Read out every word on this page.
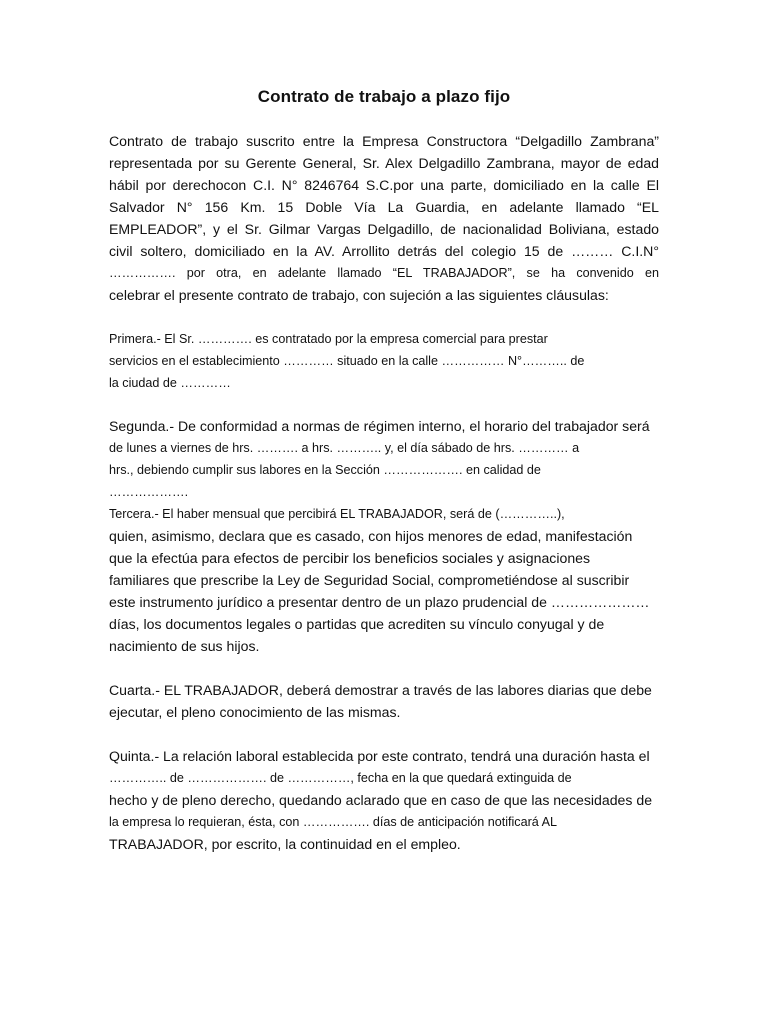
Contrato de trabajo a plazo fijo
Contrato de trabajo suscrito entre la Empresa Constructora “Delgadillo Zambrana”
representada por su Gerente General, Sr. Alex Delgadillo Zambrana, mayor de edad
hábil por derechocon C.I. N° 8246764 S.C.por una parte, domiciliado en la calle El
Salvador N° 156 Km. 15 Doble Vía La Guardia, en adelante llamado “EL
EMPLEADOR”, y el Sr. Gilmar Vargas Delgadillo, de nacionalidad Boliviana, estado
civil soltero, domiciliado en la AV. Arrollito detrás del colegio 15 de ……… C.I.N°
……………. por otra, en adelante llamado “EL TRABAJADOR”, se ha convenido en
celebrar el presente contrato de trabajo, con sujeción a las siguientes cláusulas:
Primera.- El Sr. …………. es contratado por la empresa comercial para prestar
servicios en el establecimiento ………… situado en la calle …………… N°……….. de
la ciudad de …………
Segunda.- De conformidad a normas de régimen interno, el horario del trabajador será
de lunes a viernes de hrs. ………. a hrs. ……….. y, el día sábado de hrs. ………… a
hrs., debiendo cumplir sus labores en la Sección ………………. en calidad de
……………….
Tercera.- El haber mensual que percibirá EL TRABAJADOR, será de (…………..),
quien, asimismo, declara que es casado, con hijos menores de edad, manifestación
que la efectúa para efectos de percibir los beneficios sociales y asignaciones
familiares que prescribe la Ley de Seguridad Social, comprometiéndose al suscribir
este instrumento jurídico a presentar dentro de un plazo prudencial de …………………
días, los documentos legales o partidas que acrediten su vínculo conyugal y de
nacimiento de sus hijos.
Cuarta.- EL TRABAJADOR, deberá demostrar a través de las labores diarias que debe
ejecutar, el pleno conocimiento de las mismas.
Quinta.- La relación laboral establecida por este contrato, tendrá una duración hasta el
………….. de ………………. de ……………, fecha en la que quedará extinguida de
hecho y de pleno derecho, quedando aclarado que en caso de que las necesidades de
la empresa lo requieran, ésta, con ……………. días de anticipación notificará AL
TRABAJADOR, por escrito, la continuidad en el empleo.
